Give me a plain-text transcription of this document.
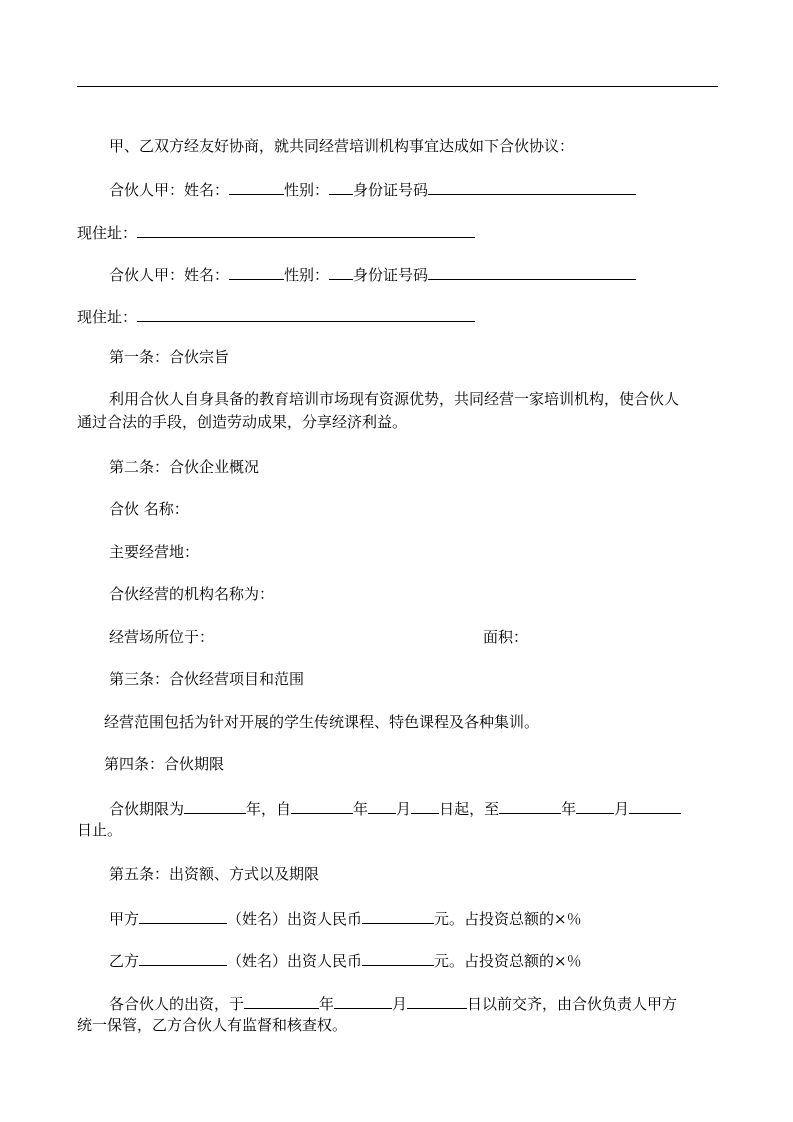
甲、乙双方经友好协商，就共同经营培训机构事宜达成如下合伙协议：
合伙人甲：姓名：	性别： 身份证号码
现住址：
合伙人甲：姓名：	性别： 身份证号码
现住址：
第一条：合伙宗旨
利用合伙人自身具备的教育培训市场现有资源优势，共同经营一家培训机构，使合伙人
通过合法的手段，创造劳动成果，分享经济利益。
第二条：合伙企业概况
合伙 名称：
主要经营地：
合伙经营的机构名称为：
经营场所位于：	面积：
第三条：合伙经营项目和范围
经营范围包括为针对开展的学生传统课程、特色课程及各种集训。
第四条：合伙期限
合伙期限为	年，自	年 月 日起，至	年	月
日止。
第五条：出资额、方式以及期限
甲方	（姓名）出资人民币	元。占投资总额的×％
乙方	（姓名）出资人民币	元。占投资总额的×％
各合伙人的出资，于	年	月	日以前交齐，由合伙负责人甲方
统一保管，乙方合伙人有监督和核查权。
